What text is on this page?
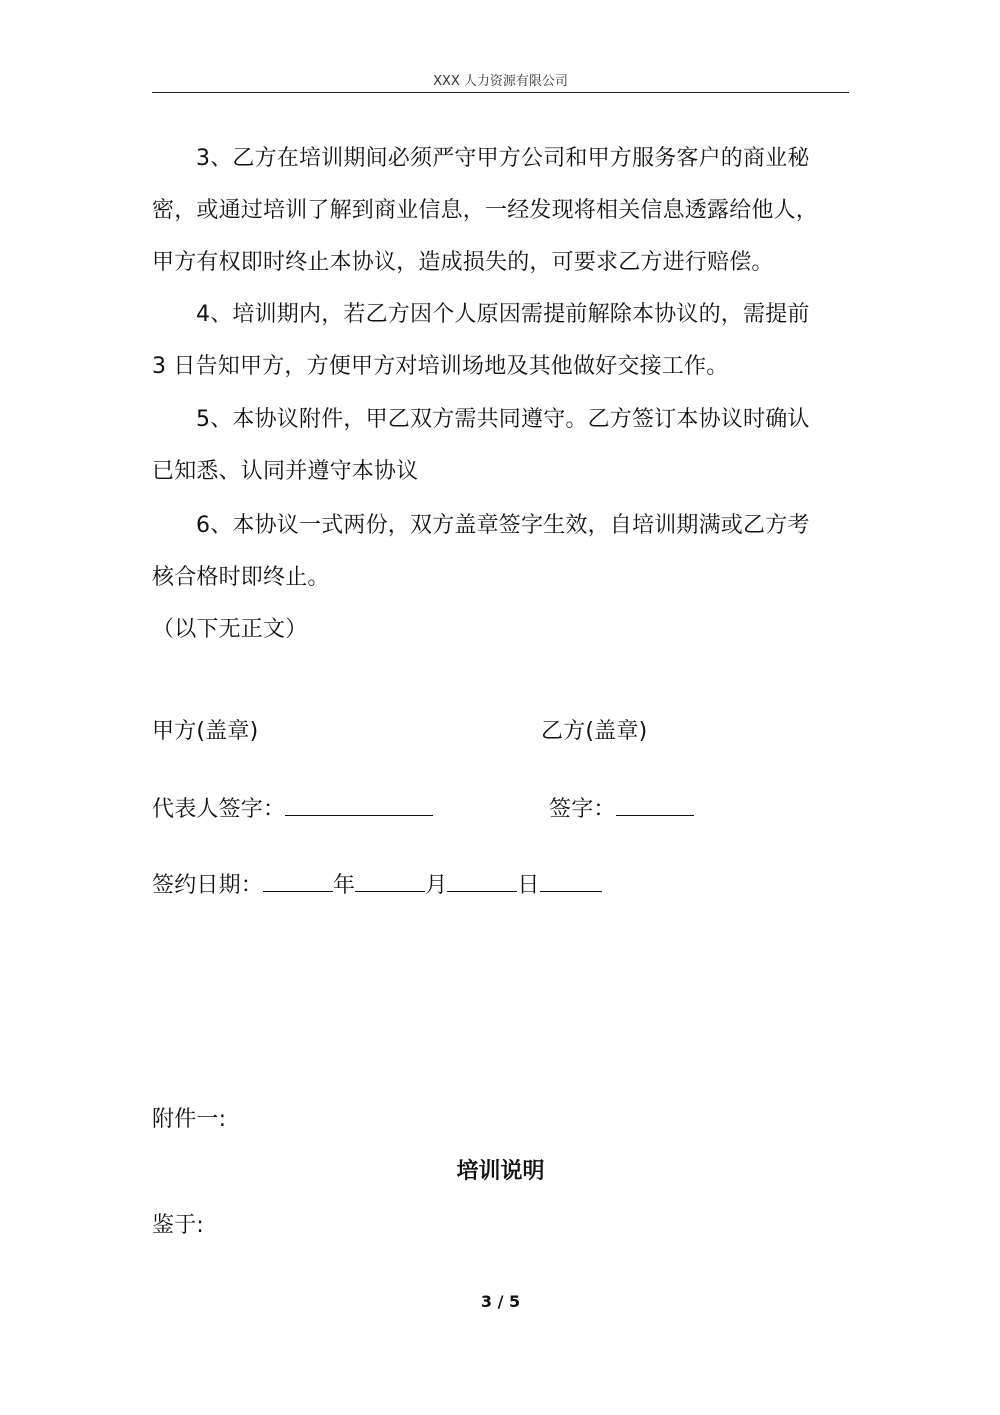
XXX 人力资源有限公司
3、乙方在培训期间必须严守甲方公司和甲方服务客户的商业秘
密，或通过培训了解到商业信息，一经发现将相关信息透露给他人，
甲方有权即时终止本协议，造成损失的，可要求乙方进行赔偿。
4、培训期内，若乙方因个人原因需提前解除本协议的，需提前
3 日告知甲方，方便甲方对培训场地及其他做好交接工作。
5、本协议附件，甲乙双方需共同遵守。乙方签订本协议时确认
已知悉、认同并遵守本协议
6、本协议一式两份，双方盖章签字生效，自培训期满或乙方考
核合格时即终止。
（以下无正文）
甲方(盖章)	乙方(盖章)
代表人签字：	签字：
签约日期：	年	月	日
附件一:
培训说明
鉴于:
3 / 5
